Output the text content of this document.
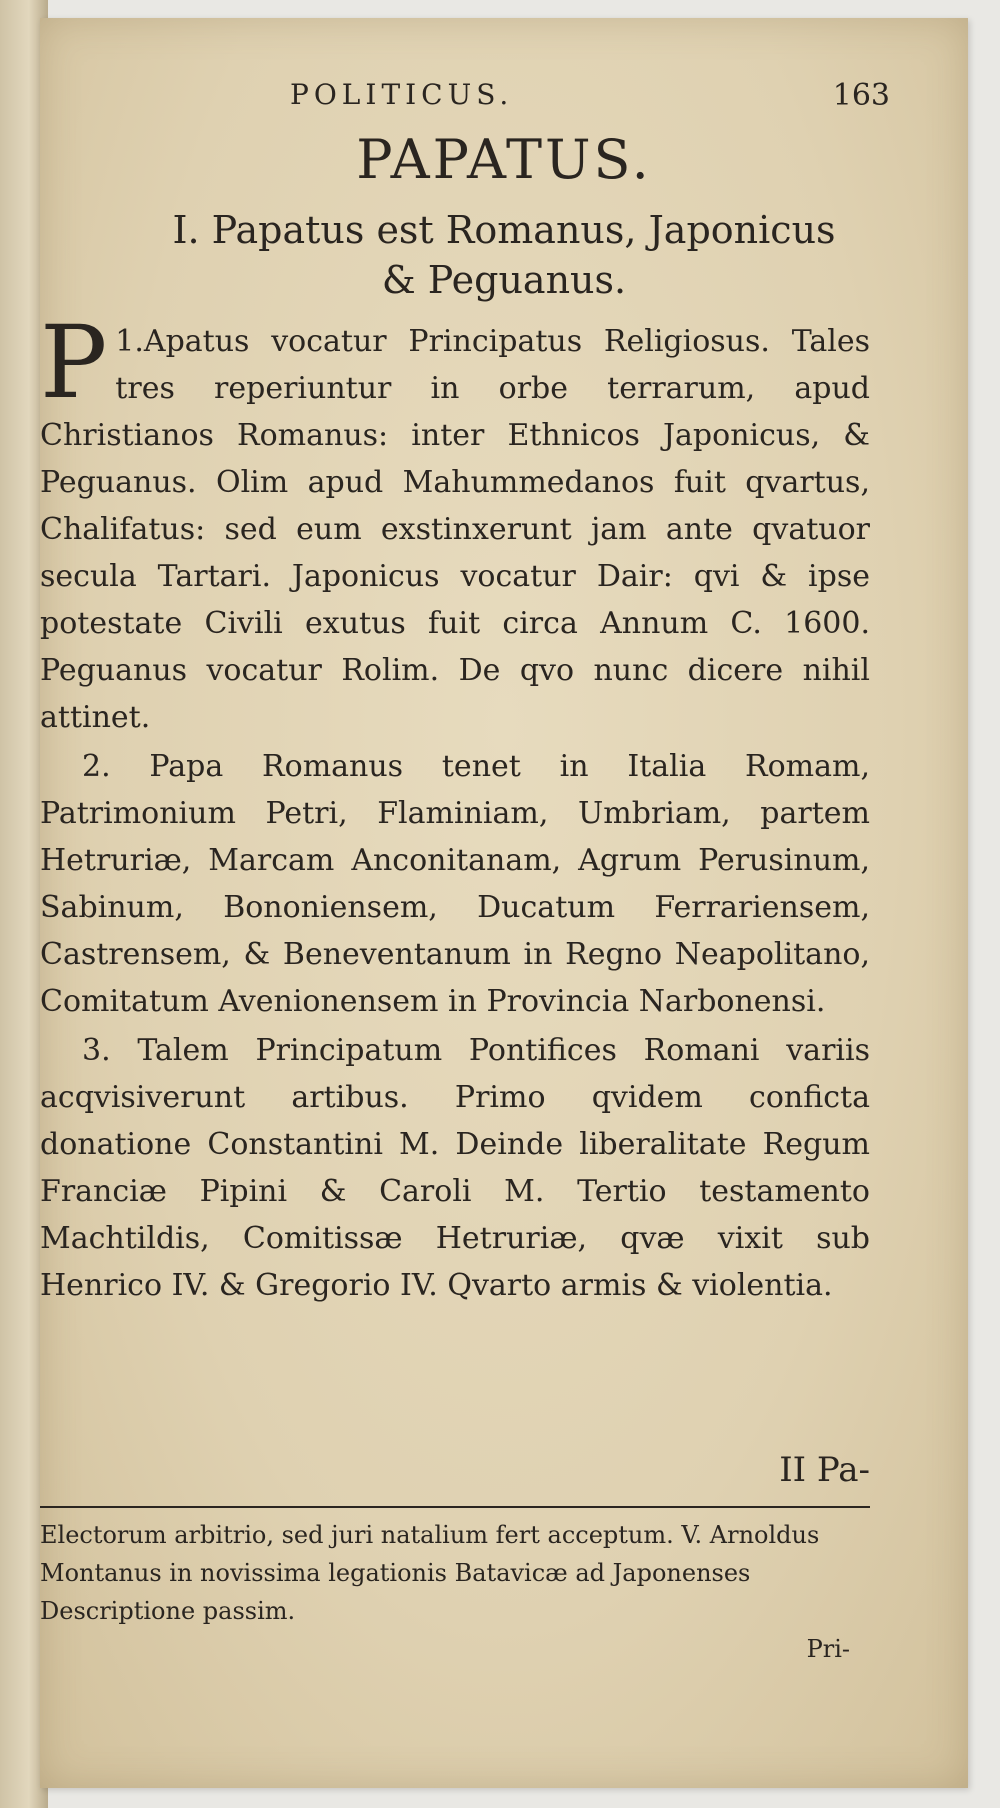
POLITICUS.	163
PAPATUS.
I. Papatus est Romanus, Japonicus
& Peguanus.

1.
P Apatus vocatur Principatus Religiosus. Tales tres reperiuntur in orbe terrarum, apud Christianos Romanus: inter Ethnicos Japonicus, & Peguanus. Olim apud Mahummedanos fuit qvartus, Chalifatus: sed eum exstinxerunt jam ante qvatuor secula Tartari. Japonicus vocatur Dair: qvi & ipse potestate Civili exutus fuit circa Annum C. 1600. Peguanus vocatur Rolim. De qvo nunc dicere nihil attinet.

2. Papa Romanus tenet in Italia Romam, Patrimonium Petri, Flaminiam, Umbriam, partem Hetruriæ, Marcam Anconitanam, Agrum Perusinum, Sabinum, Bononiensem, Ducatum Ferrariensem, Castrensem, & Beneventanum in Regno Neapolitano, Comitatum Avenionensem in Provincia Narbonensi.

3. Talem Principatum Pontifices Romani variis acqvisiverunt artibus. Primo qvidem conficta donatione Constantini M. Deinde liberalitate Regum Franciæ Pipini & Caroli M. Tertio testamento Machtildis, Comitissæ Hetruriæ, qvæ vixit sub Henrico IV. & Gregorio IV. Qvarto armis & violentia.

II Pa-
Electorum arbitrio, sed juri natalium fert acceptum. V. Arnoldus Montanus in novissima legationis Batavicæ ad Japonenses Descriptione passim.
Pri-
